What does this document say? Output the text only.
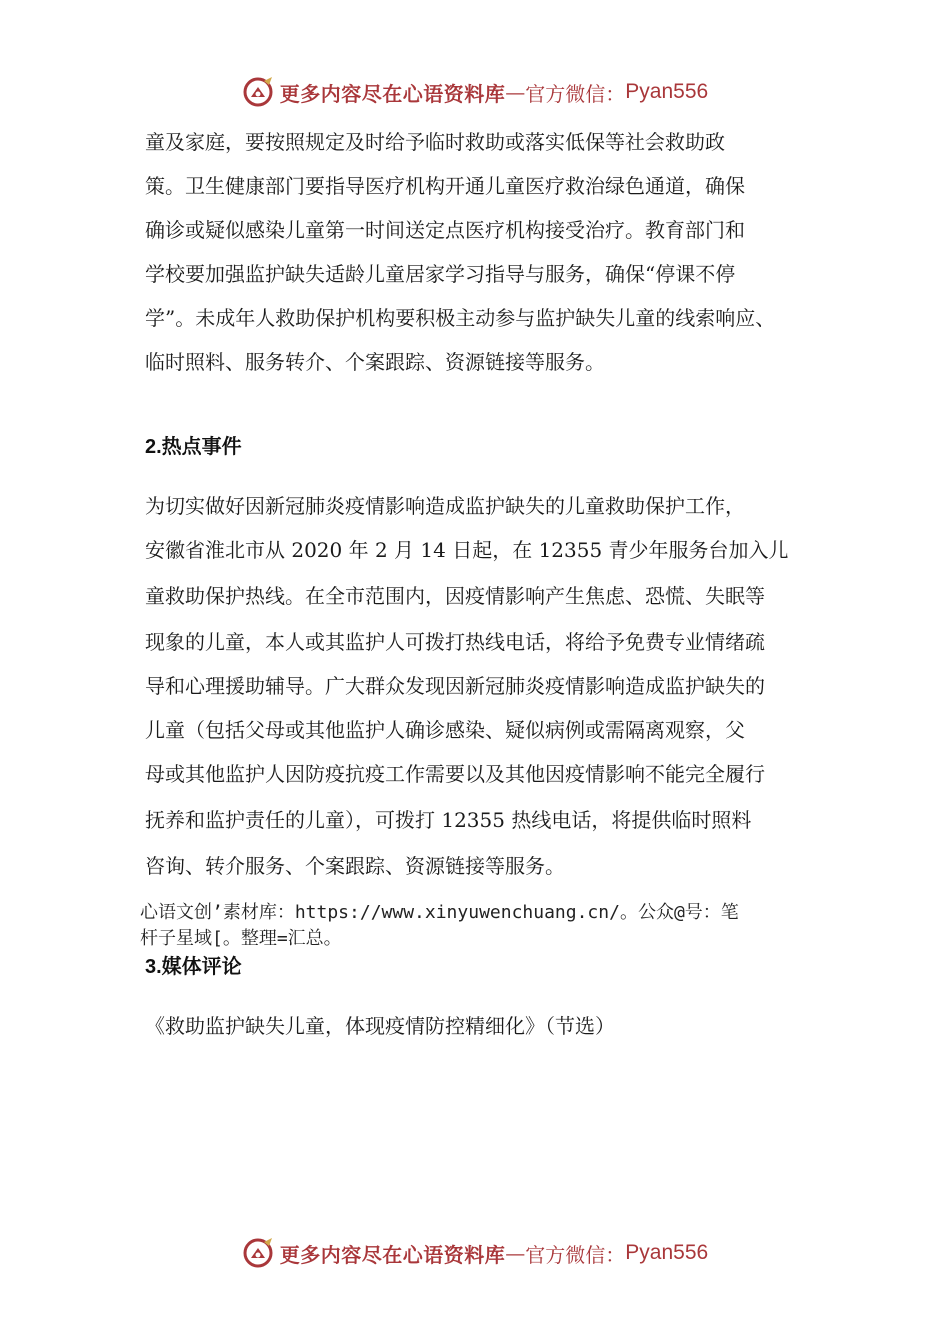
更多内容尽在心语资料库 — 官方微信： Pyan556
童及家庭，要按照规定及时给予临时救助或落实低保等社会救助政
策。卫生健康部门要指导医疗机构开通儿童医疗救治绿色通道，确保
确诊或疑似感染儿童第一时间送定点医疗机构接受治疗。教育部门和
学校要加强监护缺失适龄儿童居家学习指导与服务，确保“停课不停
学”。未成年人救助保护机构要积极主动参与监护缺失儿童的线索响应、
临时照料、服务转介、个案跟踪、资源链接等服务。
2.热点事件
为切实做好因新冠肺炎疫情影响造成监护缺失的儿童救助保护工作，
安徽省淮北市从 2020 年 2 月 14 日起，在 12355 青少年服务台加入儿
童救助保护热线。在全市范围内，因疫情影响产生焦虑、恐慌、失眠等
现象的儿童，本人或其监护人可拨打热线电话，将给予免费专业情绪疏
导和心理援助辅导。广大群众发现因新冠肺炎疫情影响造成监护缺失的
儿童（包括父母或其他监护人确诊感染、疑似病例或需隔离观察，父
母或其他监护人因防疫抗疫工作需要以及其他因疫情影响不能完全履行
抚养和监护责任的儿童），可拨打 12355 热线电话，将提供临时照料
咨询、转介服务、个案跟踪、资源链接等服务。
心语文创’素材库：https://www.xinyuwenchuang.cn/。公众@号：笔
杆子星域[。整理=汇总。
3.媒体评论
《救助监护缺失儿童，体现疫情防控精细化》（节选）
更多内容尽在心语资料库 — 官方微信： Pyan556
